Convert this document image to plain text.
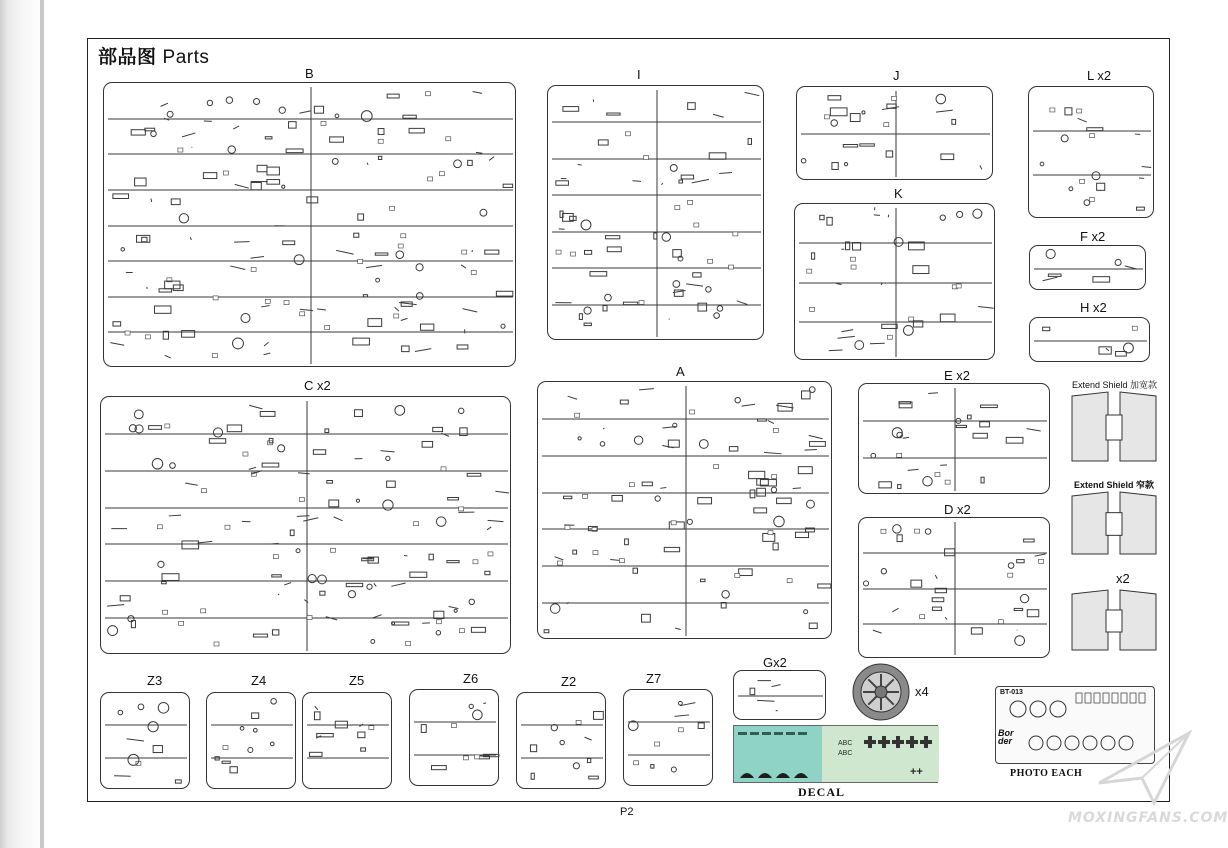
部品图 Parts
B	I	J	L x2
K
F x2
H x2
C x2
A	E x2
D x2
Z3	Z4	Z5	Z6	Z2	Z7
Gx2
Extend Shield 加宽款
Extend Shield 窄款
x2
x4
ABC
ABC
++
DECAL
BT-013
Bor
der
PHOTO EACH
P2	MOXINGFANS.COM
